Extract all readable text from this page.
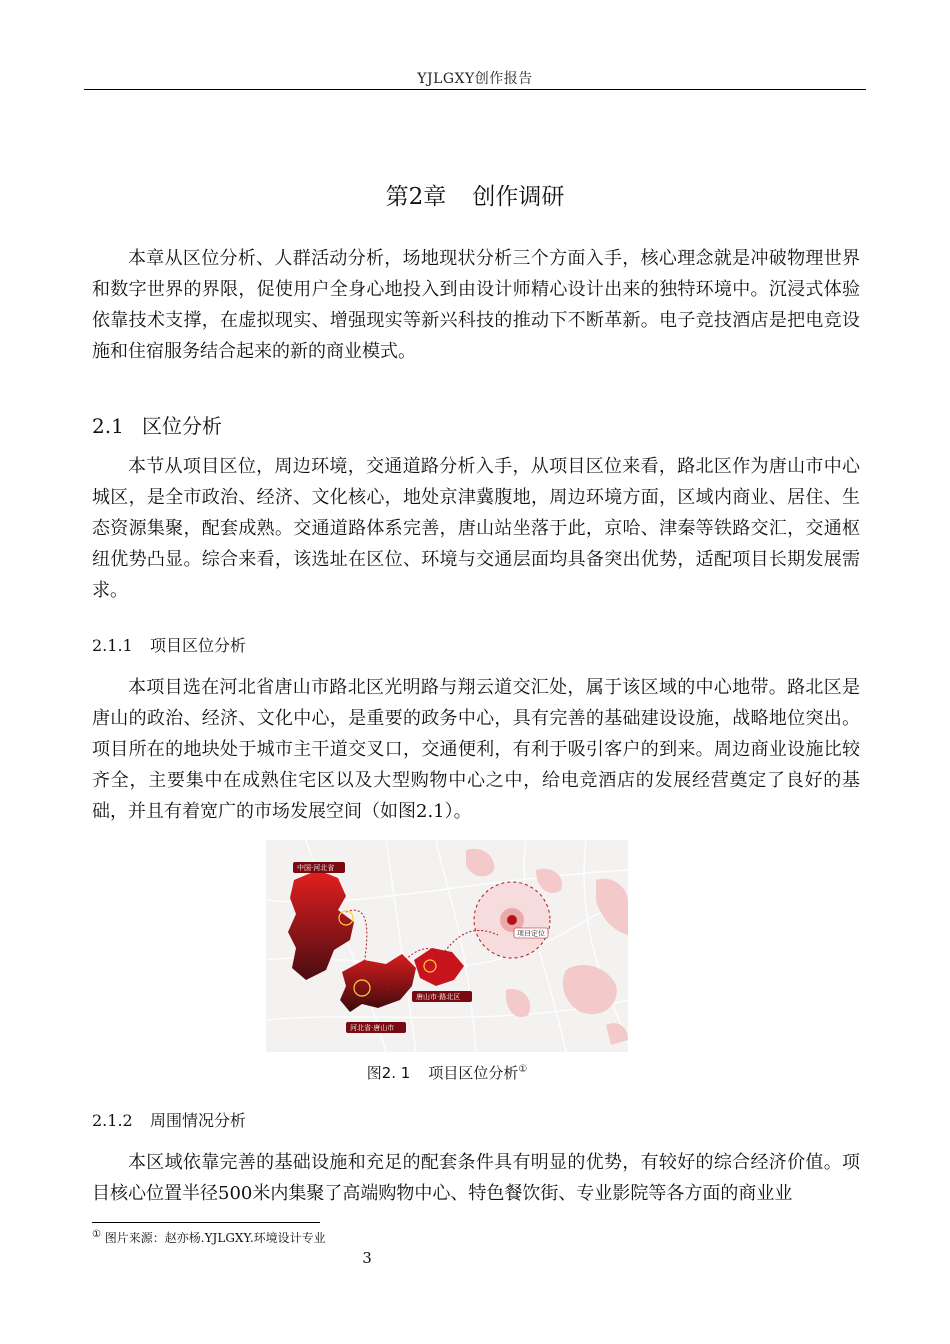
YJLGXY创作报告
第2章 创作调研

本章从区位分析、人群活动分析，场地现状分析三个方面入手，核心理念就是冲破物理世界和数字世界的界限，促使用户全身心地投入到由设计师精心设计出来的独特环境中。沉浸式体验依靠技术支撑，在虚拟现实、增强现实等新兴科技的推动下不断革新。电子竞技酒店是把电竞设施和住宿服务结合起来的新的商业模式。

2.1 区位分析

本节从项目区位，周边环境，交通道路分析入手，从项目区位来看，路北区作为唐山市中心城区，是全市政治、经济、文化核心，地处京津冀腹地，周边环境方面，区域内商业、居住、生态资源集聚，配套成熟。交通道路体系完善，唐山站坐落于此，京哈、津秦等铁路交汇，交通枢纽优势凸显。综合来看，该选址在区位、环境与交通层面均具备突出优势，适配项目长期发展需求。

2.1.1 项目区位分析

本项目选在河北省唐山市路北区光明路与翔云道交汇处，属于该区域的中心地带。路北区是唐山的政治、经济、文化中心，是重要的政务中心，具有完善的基础建设设施，战略地位突出。项目所在的地块处于城市主干道交叉口，交通便利，有利于吸引客户的到来。周边商业设施比较齐全，主要集中在成熟住宅区以及大型购物中心之中，给电竞酒店的发展经营奠定了良好的基础，并且有着宽广的市场发展空间（如图2.1）。

中国·河北省
河北省·唐山市
唐山市·路北区
项目定位
图2. 1 项目区位分析①
2.1.2 周围情况分析

本区域依靠完善的基础设施和充足的配套条件具有明显的优势，有较好的综合经济价值。项目核心位置半径500米内集聚了高端购物中心、特色餐饮街、专业影院等各方面的商业业

① 图片来源：赵亦杨.YJLGXY.环境设计专业
3
